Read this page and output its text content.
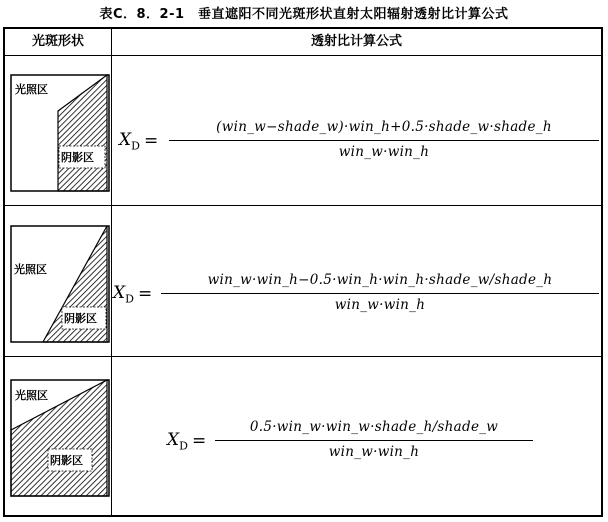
表C．8．2-1　垂直遮阳不同光斑形状直射太阳辐射透射比计算公式
光斑形状	透射比计算公式
光照区
阴影区
$X_D$ =
(win_w−shade_w)·win_h+0.5·shade_w·shade_h
win_w·win_h
光照区
阴影区
$X_D$ =
win_w·win_h−0.5·win_h·win_h·shade_w/shade_h
win_w·win_h
光照区
阴影区
$X_D$ =
0.5·win_w·win_w·shade_h/shade_w
win_w·win_h
